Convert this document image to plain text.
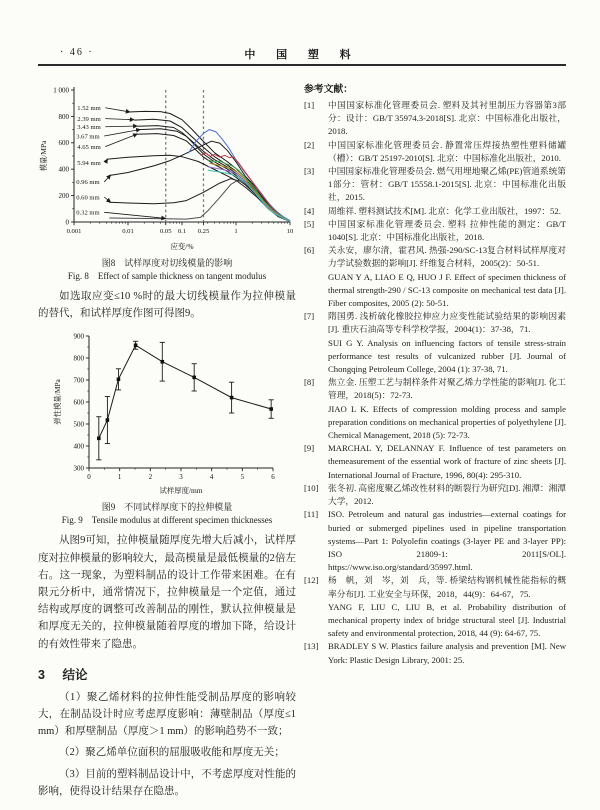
· 46 ·	中 国 塑 料
0
200
400
600
800
1 000
0.001	0.01	0.05 0.1 0.25	1	10
1.52 mm
2.39 mm
3.43 mm
3.67 mm
4.65 mm
5.94 mm
0.96 mm
0.60 mm
0.32 mm
应变/%
模量/MPa
图8　试样厚度对切线模量的影响
Fig. 8　Effect of sample thickness on tangent modulus

如选取应变≤10 %时的最大切线模量作为拉伸模量的替代，和试样厚度作图可得图9。

300
400
500
600
700
800
900
0	1	2	3	4	5	6
试样厚度/mm
弹性模量/MPa
图9　不同试样厚度下的拉伸模量
Fig. 9　Tensile modulus at different specimen thicknesses

从图9可知，拉伸模量随厚度先增大后减小，试样厚度对拉伸模量的影响较大，最高模量是最低模量的2倍左右。这一现象，为塑料制品的设计工作带来困难。在有限元分析中，通常情况下，拉伸模量是一个定值，通过结构或厚度的调整可改善制品的刚性，默认拉伸模量是和厚度无关的，拉伸模量随着厚度的增加下降，给设计的有效性带来了隐患。

3 结论

（1）聚乙烯材料的拉伸性能受制品厚度的影响较大，在制品设计时应考虑厚度影响：薄壁制品（厚度≤1 mm）和厚壁制品（厚度＞1 mm）的影响趋势不一致；

（2）聚乙烯单位面积的屈服吸收能和厚度无关；

（3）目前的塑料制品设计中，不考虑厚度对性能的影响，使得设计结果存在隐患。

参考文献：
[1]	中国国家标准化管理委员会. 塑料及其衬里制压力容器第3部分：设计：GB/T 35974.3-2018[S]. 北京：中国标准化出版社，2018.

[2]	中国国家标准化管理委员会. 静置常压焊接热塑性塑料储罐（槽）：GB/T 25197-2010[S]. 北京：中国标准化出版社，2010.

[3]	中国国家标准化管理委员会. 燃气用埋地聚乙烯(PE)管道系统第1部分：管材：GB/T 15558.1-2015[S]. 北京：中国标准化出版社，2015.

[4]	周维祥. 塑料测试技术[M]. 北京：化学工业出版社，1997：52.

[5]	中国国家标准化管理委员会. 塑料 拉伸性能的测定：GB/T 1040[S]. 北京：中国标准化出版社，2018.

[6]	关永安，廖尔清，霍君风. 热强-290/SC-13复合材料试样厚度对力学试验数据的影响[J]. 纤维复合材料，2005(2)：50-51.

GUAN Y A, LIAO E Q, HUO J F. Effect of specimen thickness of thermal strength-290 / SC-13 composite on mechanical test data [J]. Fiber composites, 2005 (2): 50-51.

[7]	隋国勇. 浅析硫化橡胶拉伸应力应变性能试验结果的影响因素[J]. 重庆石油高等专科学校学报，2004(1)：37-38，71.

SUI G Y. Analysis on influencing factors of tensile stress-strain performance test results of vulcanized rubber [J]. Journal of Chongqing Petroleum College, 2004 (1): 37-38, 71.

[8]	焦立金. 压塑工艺与制样条件对聚乙烯力学性能的影响[J]. 化工管理，2018(5)：72-73.

JIAO L K. Effects of compression molding process and sample preparation conditions on mechanical properties of polyethylene [J]. Chemical Management, 2018 (5): 72-73.

[9]	MARCHAL Y, DELANNAY F. Influence of test parameters on themeasurement of the essential work of fracture of zinc sheets [J]. International Journal of Fracture, 1996, 80(4): 295-310.

[10]	张冬初. 高密度聚乙烯改性材料的断裂行为研究[D]. 湘潭：湘潭大学，2012.

[11]	ISO. Petroleum and natural gas industries—external coatings for buried or submerged pipelines used in pipeline transportation systems—Part 1: Polyolefin coatings (3-layer PE and 3-layer PP): ISO 21809-1: 2011[S/OL]. https://www.iso.org/standard/35997.html.

[12]	杨　帆，刘　岑，刘　兵，等. 桥梁结构钢机械性能指标的概率分布[J]. 工业安全与环保，2018，44(9)：64-67，75.

YANG F, LIU C, LIU B, et al. Probability distribution of mechanical property index of bridge structural steel [J]. Industrial safety and environmental protection, 2018, 44 (9): 64-67, 75.

[13]	BRADLEY S W. Plastics failure analysis and prevention [M]. New York: Plastic Design Library, 2001: 25.
